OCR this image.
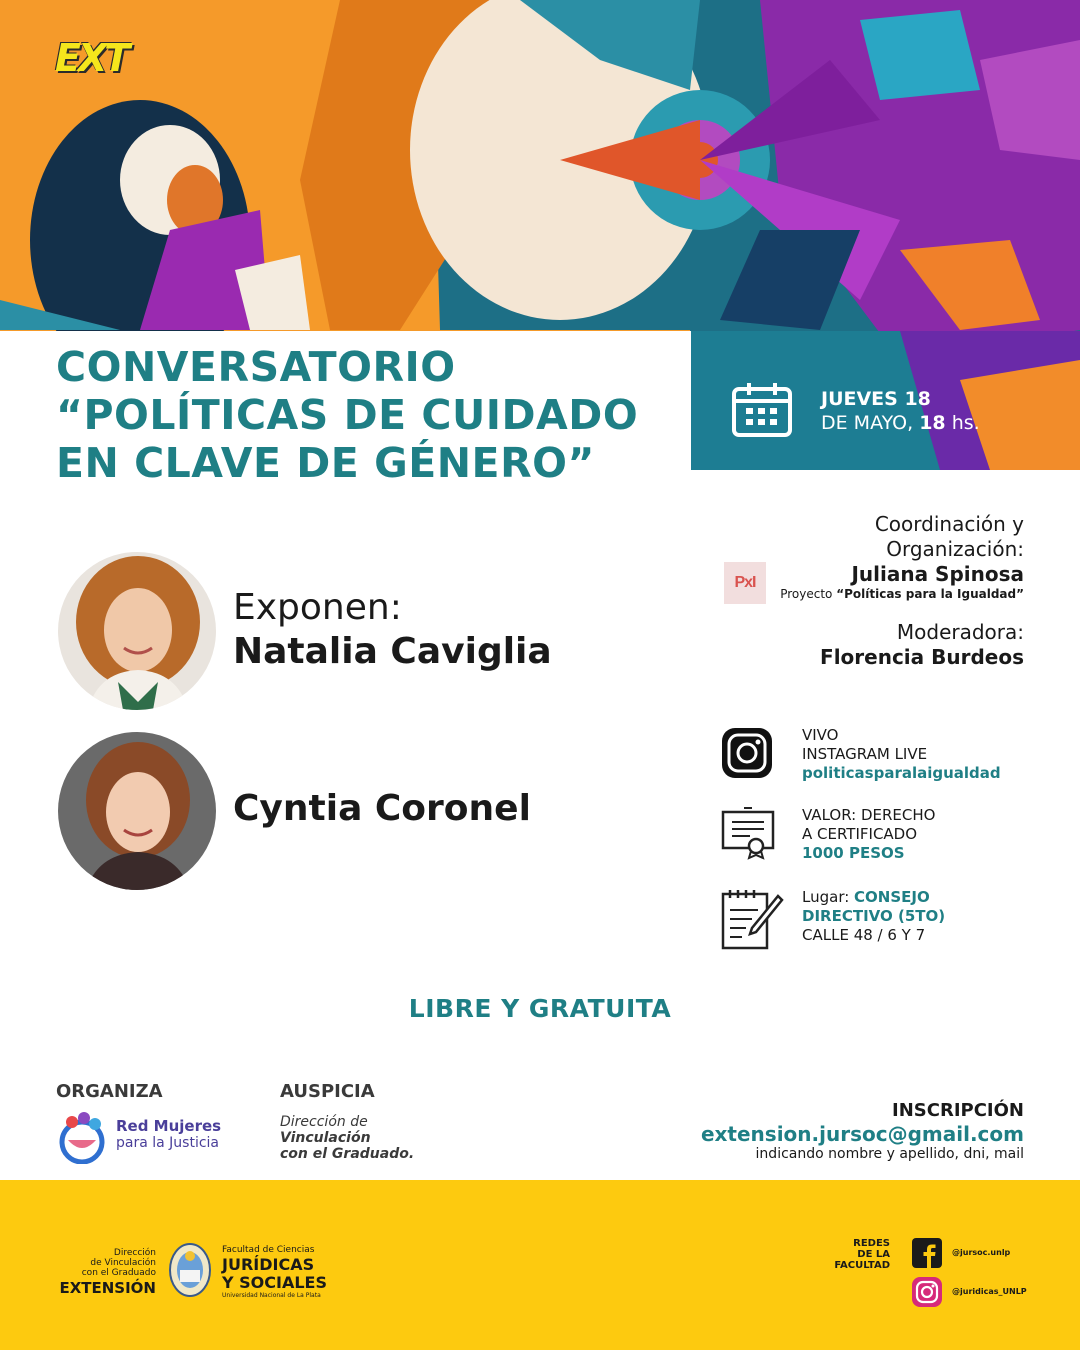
EXT
CONVERSATORIO
“POLÍTICAS DE CUIDADO
EN CLAVE DE GÉNERO”
JUEVES 18
DE MAYO, 18 hs.
Exponen:
Natalia Caviglia
Cyntia Coronel
Coordinación y
Organización:
Juliana Spinosa
Proyecto “Políticas para la Igualdad”
PxI
Moderadora:
Florencia Burdeos
VIVO
INSTAGRAM LIVE
politicasparalaigualdad
VALOR: DERECHO
A CERTIFICADO
1000 PESOS
Lugar: CONSEJO
DIRECTIVO (5TO)
CALLE 48 / 6 Y 7
LIBRE Y GRATUITA
ORGANIZA
Red Mujeres
para la Justicia
AUSPICIA
Dirección de
Vinculación
con el Graduado.
INSCRIPCIÓN
extension.jursoc@gmail.com
indicando nombre y apellido, dni, mail
Dirección
de Vinculación
con el Graduado
EXTENSIÓN
Facultad de Ciencias
JURÍDICAS
Y SOCIALES
Universidad Nacional de La Plata
REDES
DE LA
FACULTAD
@jursoc.unlp
@juridicas_UNLP
